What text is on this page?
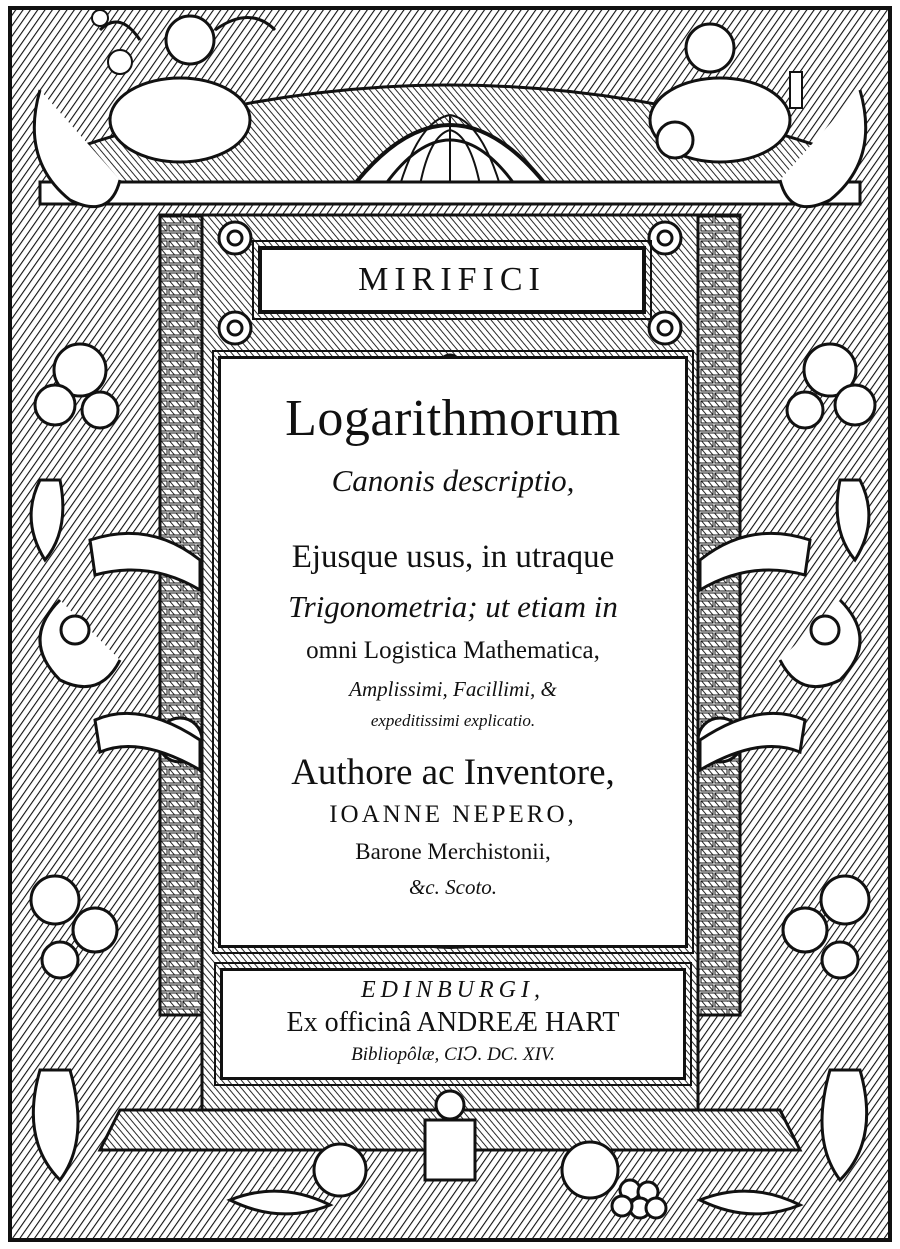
MIRIFICI
Logarithmorum
Canonis descriptio,
Ejusque usus, in utraque
Trigonometria; ut etiam in
omni Logistica Mathematica,
Amplissimi, Facillimi, &
expeditissimi explicatio.
Authore ac Inventore,
IOANNE NEPERO,
Barone Merchistonii,
&c. Scoto.
EDINBURGI,
Ex officinâ ANDREÆ HART
Bibliopôlæ, CIↃ. DC. XIV.
